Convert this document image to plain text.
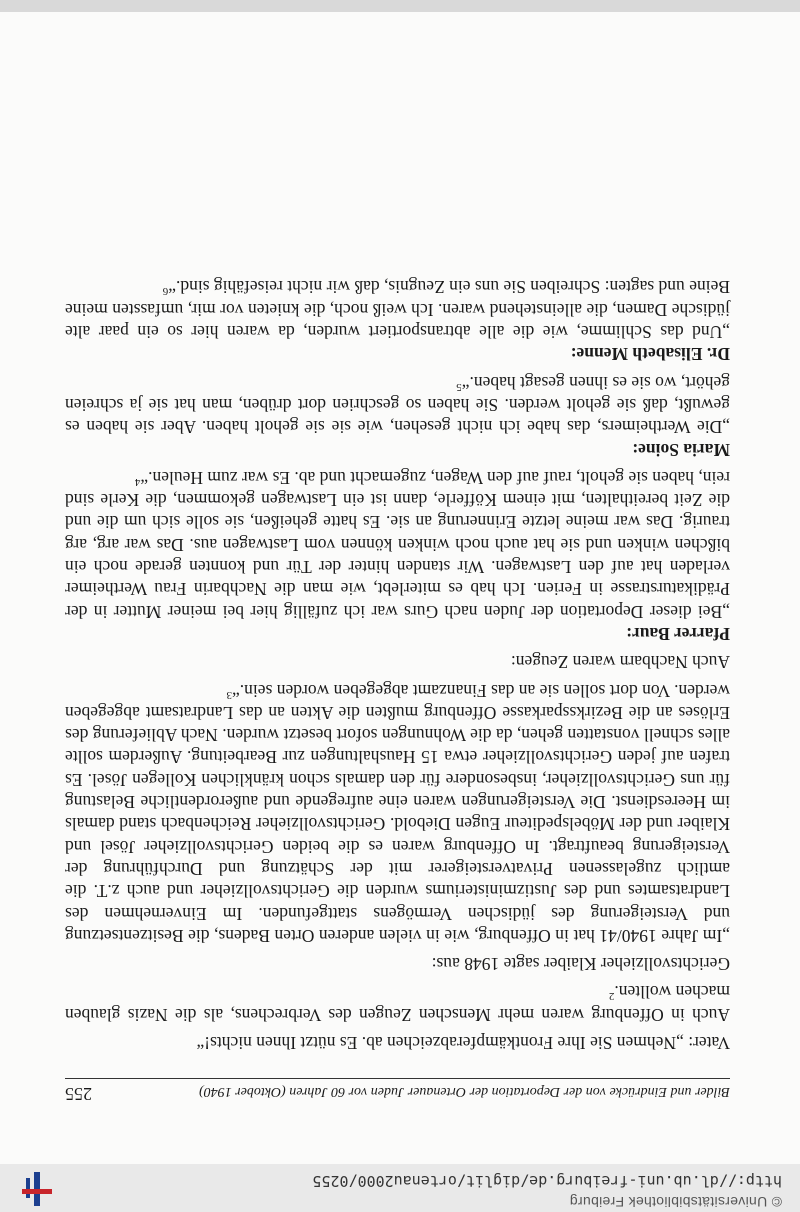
© Universitätsbibliothek Freiburg
http://dl.ub.uni-freiburg.de/diglit/ortenau2000/0255
Bilder und Eindrücke von der Deportation der Ortenauer Juden vor 60 Jahren (Oktober 1940)
255

Vater: „Nehmen Sie Ihre Frontkämpferabzeichen ab. Es nützt Ihnen nichts!“

Auch in Offenburg waren mehr Menschen Zeugen des Verbrechens, als die Nazis glauben machen wollten.$^2$

Gerichtsvollzieher Klaiber sagte 1948 aus:

„Im Jahre 1940/41 hat in Offenburg, wie in vielen anderen Orten Badens, die Besitzentsetzung und Versteigerung des jüdischen Vermögens stattgefunden. Im Einvernehmen des Landratsamtes und des Justizministeriums wurden die Gerichtsvollzieher und auch z.T. die amtlich zugelassenen Privatversteigerer mit der Schätzung und Durchführung der Versteigerung beauftragt. In Offenburg waren es die beiden Gerichtsvollzieher Jösel und Klaiber und der Möbelspediteur Eugen Diebold. Gerichtsvollzieher Reichenbach stand damals im Heeresdienst. Die Versteigerungen waren eine aufregende und außerordentliche Belastung für uns Gerichtsvollzieher, insbesondere für den damals schon kränklichen Kollegen Jösel. Es trafen auf jeden Gerichtsvollzieher etwa 15 Haushaltungen zur Bearbeitung. Außerdem sollte alles schnell vonstatten gehen, da die Wohnungen sofort besetzt wurden. Nach Ablieferung des Erlöses an die Bezirkssparkasse Offenburg mußten die Akten an das Landratsamt abgegeben werden. Von dort sollen sie an das Finanzamt abgegeben worden sein.“$^3$

Auch Nachbarn waren Zeugen:

Pfarrer Baur:

„Bei dieser Deportation der Juden nach Gurs war ich zufällig hier bei meiner Mutter in der Prädikaturstrasse in Ferien. Ich hab es miterlebt, wie man die Nachbarin Frau Wertheimer verladen hat auf den Lastwagen. Wir standen hinter der Tür und konnten gerade noch ein bißchen winken und sie hat auch noch winken können vom Lastwagen aus. Das war arg, arg traurig. Das war meine letzte Erinnerung an sie. Es hatte geheißen, sie solle sich um die und die Zeit bereithalten, mit einem Köfferle, dann ist ein Lastwagen gekommen, die Kerle sind rein, haben sie geholt, rauf auf den Wagen, zugemacht und ab. Es war zum Heulen.“$^4$

Maria Soine:

„Die Wertheimers, das habe ich nicht gesehen, wie sie sie geholt haben. Aber sie haben es gewußt, daß sie geholt werden. Sie haben so geschrien dort drüben, man hat sie ja schreien gehört, wo sie es ihnen gesagt haben.“$^5$

Dr. Elisabeth Menne:

„Und das Schlimme, wie die alle abtransportiert wurden, da waren hier so ein paar alte jüdische Damen, die alleinstehend waren. Ich weiß noch, die knieten vor mir, umfassten meine Beine und sagten: Schreiben Sie uns ein Zeugnis, daß wir nicht reisefähig sind.“$^6$
